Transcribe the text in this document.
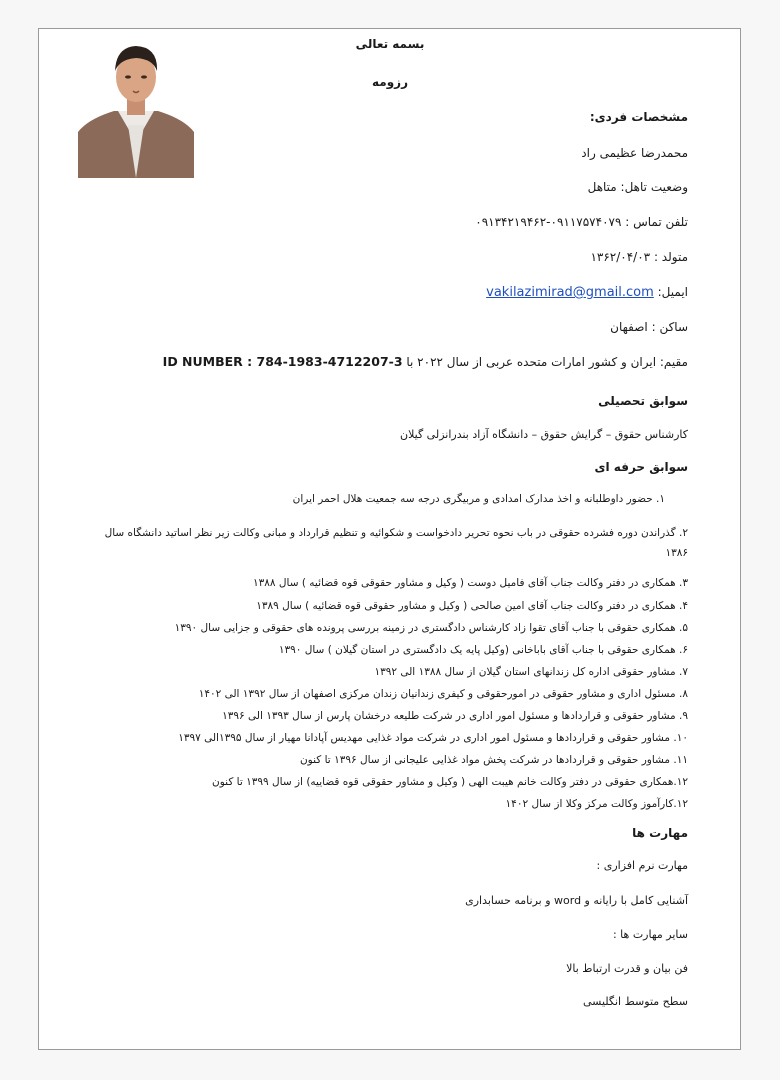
بسمه تعالی
رزومه
مشخصات فردی:
محمدرضا عظیمی راد
وضعیت تاهل: متاهل
تلفن تماس : ۰۹۱۱۷۵۷۴۰۷۹-۰۹۱۳۴۲۱۹۴۶۲
متولد : ۱۳۶۲/۰۴/۰۳
ایمیل: vakilazimirad@gmail.com
ساکن : اصفهان
مقیم: ایران و کشور امارات متحده عربی از سال ۲۰۲۲ با ID NUMBER : 784-1983-4712207-3
سوابق تحصیلی
کارشناس حقوق – گرایش حقوق – دانشگاه آزاد بندرانزلی گیلان
سوابق حرفه ای
۱. حضور داوطلبانه و اخذ مدارک امدادی و مربیگری درجه سه جمعیت هلال احمر ایران
۲. گذراندن دوره فشرده حقوقی در باب نحوه تحریر دادخواست و شکوائیه و تنظیم قرارداد و مبانی وکالت زیر نظر اساتید دانشگاه سال
۱۳۸۶
۳. همکاری در دفتر وکالت جناب آقای فامیل دوست ( وکیل و مشاور حقوقی قوه قضائیه ) سال ۱۳۸۸
۴. همکاری در دفتر وکالت جناب آقای امین صالحی ( وکیل و مشاور حقوقی قوه قضائیه ) سال ۱۳۸۹
۵. همکاری حقوقی با جناب آقای تقوا زاد کارشناس دادگستری در زمینه بررسی پرونده های حقوقی و جزایی سال ۱۳۹۰
۶. همکاری حقوقی با جناب آقای باباخانی (وکیل پایه یک دادگستری در استان گیلان ) سال ۱۳۹۰
۷. مشاور حقوقی اداره کل زندانهای استان گیلان از سال ۱۳۸۸ الی ۱۳۹۲
۸. مسئول اداری و مشاور حقوقی در امورحقوقی و کیفری زندانیان زندان مرکزی اصفهان از سال ۱۳۹۲ الی ۱۴۰۲
۹. مشاور حقوقی و قراردادها و مسئول امور اداری در شرکت طلیعه درخشان پارس از سال ۱۳۹۳ الی ۱۳۹۶
۱۰. مشاور حقوقی و قراردادها و مسئول امور اداری در شرکت مواد غذایی مهدیس آپادانا مهیار از سال ۱۳۹۵الی ۱۳۹۷
۱۱. مشاور حقوقی و قراردادها در شرکت پخش مواد غذایی علیجانی از سال ۱۳۹۶ تا کنون
۱۲.همکاری حقوقی در دفتر وکالت خانم هیبت الهی ( وکیل و مشاور حقوقی قوه قضاییه) از سال ۱۳۹۹ تا کنون
۱۲.کارآموز وکالت مرکز وکلا از سال ۱۴۰۲
مهارت ها
مهارت نرم افزاری :
آشنایی کامل با رایانه و word و برنامه حسابداری
سایر مهارت ها :
فن بیان و قدرت ارتباط بالا
سطح متوسط انگلیسی
